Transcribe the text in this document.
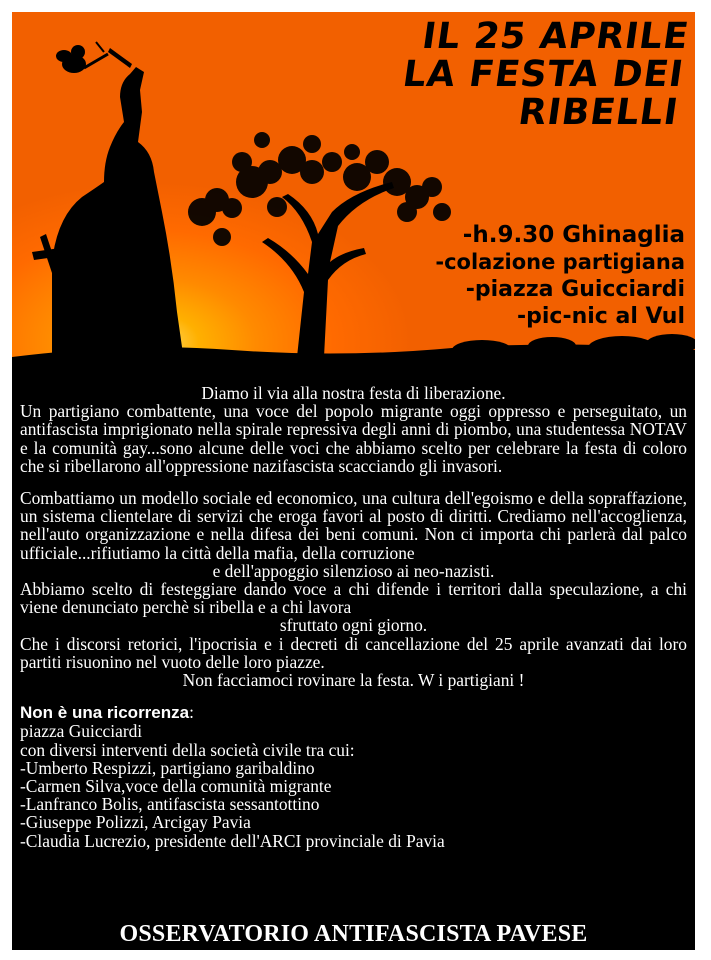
IL 25 APRILE
LA FESTA DEI
RIBELLI
-h.9.30 Ghinaglia
-colazione partigiana
-piazza Guicciardi
-pic-nic al Vul

Diamo il via alla nostra festa di liberazione.

Un partigiano combattente, una voce del popolo migrante oggi oppresso e perseguitato, un antifascista imprigionato nella spirale repressiva degli anni di piombo, una studentessa NOTAV e la comunità gay...sono alcune delle voci che abbiamo scelto per celebrare la festa di coloro che si ribellarono all'oppressione nazifascista scacciando gli invasori.

Combattiamo un modello sociale ed economico, una cultura dell'egoismo e della sopraffazione, un sistema clientelare di servizi che eroga favori al posto di diritti. Crediamo nell'accoglienza, nell'auto organizzazione e nella difesa dei beni comuni. Non ci importa chi parlerà dal palco ufficiale...rifiutiamo la città della mafia, della corruzione

e dell'appoggio silenzioso ai neo-nazisti.

Abbiamo scelto di festeggiare dando voce a chi difende i territori dalla speculazione, a chi viene denunciato perchè si ribella e a chi lavora

sfruttato ogni giorno.

Che i discorsi retorici, l'ipocrisia e i decreti di cancellazione del 25 aprile avanzati dai loro partiti risuonino nel vuoto delle loro piazze.

Non facciamoci rovinare la festa. W i partigiani !

Non è una ricorrenza:

piazza Guicciardi

con diversi interventi della società civile tra cui:

-Umberto Respizzi, partigiano garibaldino

-Carmen Silva,voce della comunità migrante

-Lanfranco Bolis, antifascista sessantottino

-Giuseppe Polizzi, Arcigay Pavia

-Claudia Lucrezio, presidente dell'ARCI provinciale di Pavia

OSSERVATORIO ANTIFASCISTA PAVESE
